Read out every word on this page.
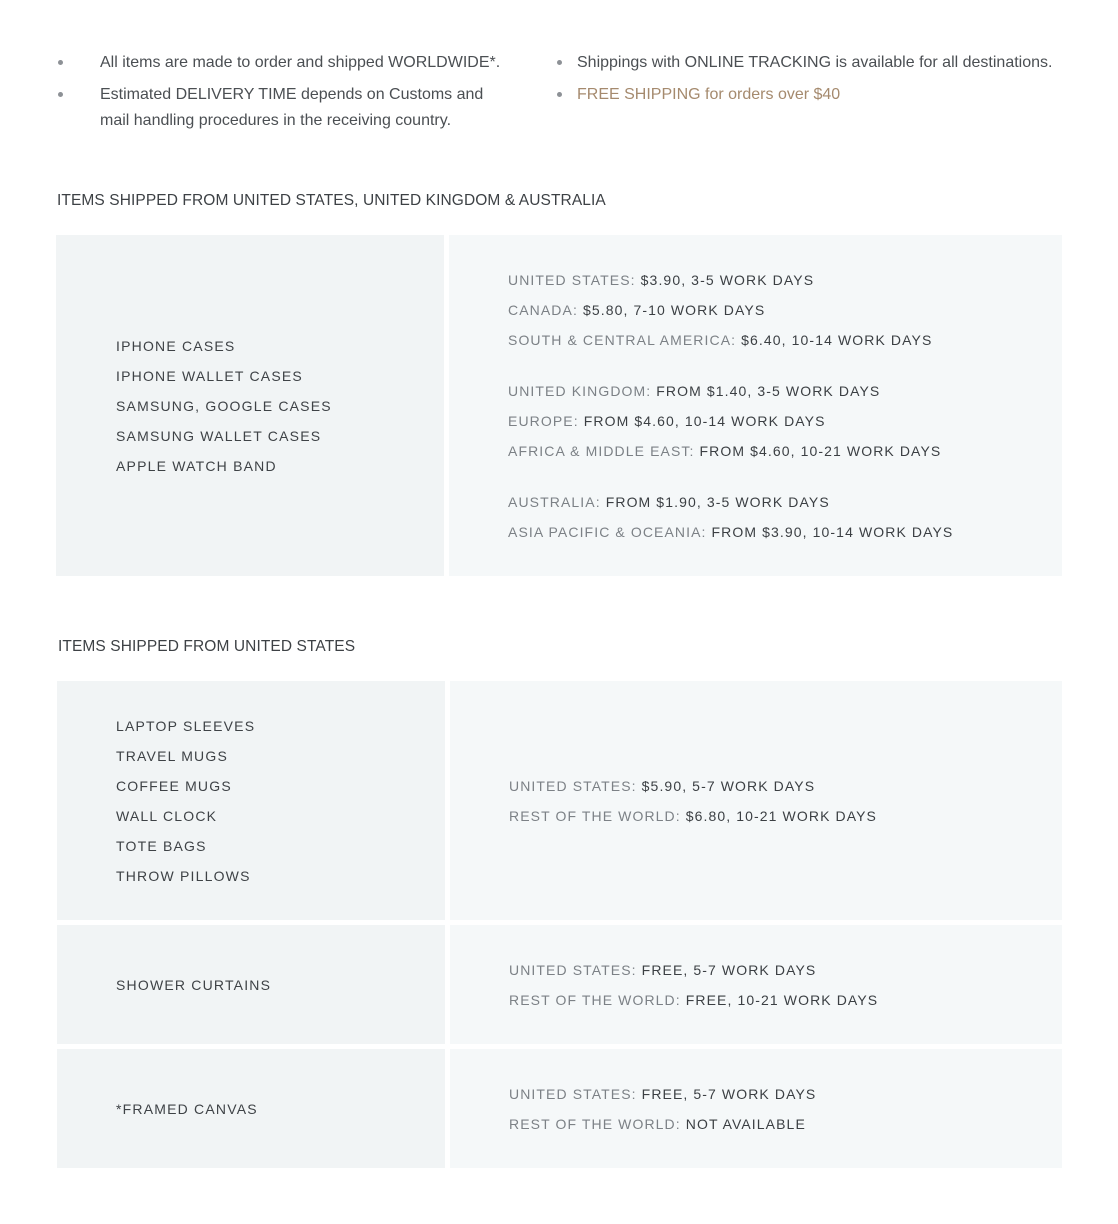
All items are made to order and shipped WORLDWIDE*.
Estimated DELIVERY TIME depends on Customs and mail handling procedures in the receiving country.
Shippings with ONLINE TRACKING is available for all destinations.
FREE SHIPPING for orders over $40
ITEMS SHIPPED FROM UNITED STATES, UNITED KINGDOM & AUSTRALIA
IPHONE CASES
IPHONE WALLET CASES
SAMSUNG, GOOGLE CASES
SAMSUNG WALLET CASES
APPLE WATCH BAND
UNITED STATES: $3.90, 3-5 WORK DAYS
CANADA: $5.80, 7-10 WORK DAYS
SOUTH & CENTRAL AMERICA: $6.40, 10-14 WORK DAYS
UNITED KINGDOM: FROM $1.40, 3-5 WORK DAYS
EUROPE: FROM $4.60, 10-14 WORK DAYS
AFRICA & MIDDLE EAST: FROM $4.60, 10-21 WORK DAYS
AUSTRALIA: FROM $1.90, 3-5 WORK DAYS
ASIA PACIFIC & OCEANIA: FROM $3.90, 10-14 WORK DAYS
ITEMS SHIPPED FROM UNITED STATES
LAPTOP SLEEVES
TRAVEL MUGS
COFFEE MUGS
WALL CLOCK
TOTE BAGS
THROW PILLOWS
UNITED STATES: $5.90, 5-7 WORK DAYS
REST OF THE WORLD: $6.80, 10-21 WORK DAYS
SHOWER CURTAINS
UNITED STATES: FREE, 5-7 WORK DAYS
REST OF THE WORLD: FREE, 10-21 WORK DAYS
*FRAMED CANVAS
UNITED STATES: FREE, 5-7 WORK DAYS
REST OF THE WORLD: NOT AVAILABLE
